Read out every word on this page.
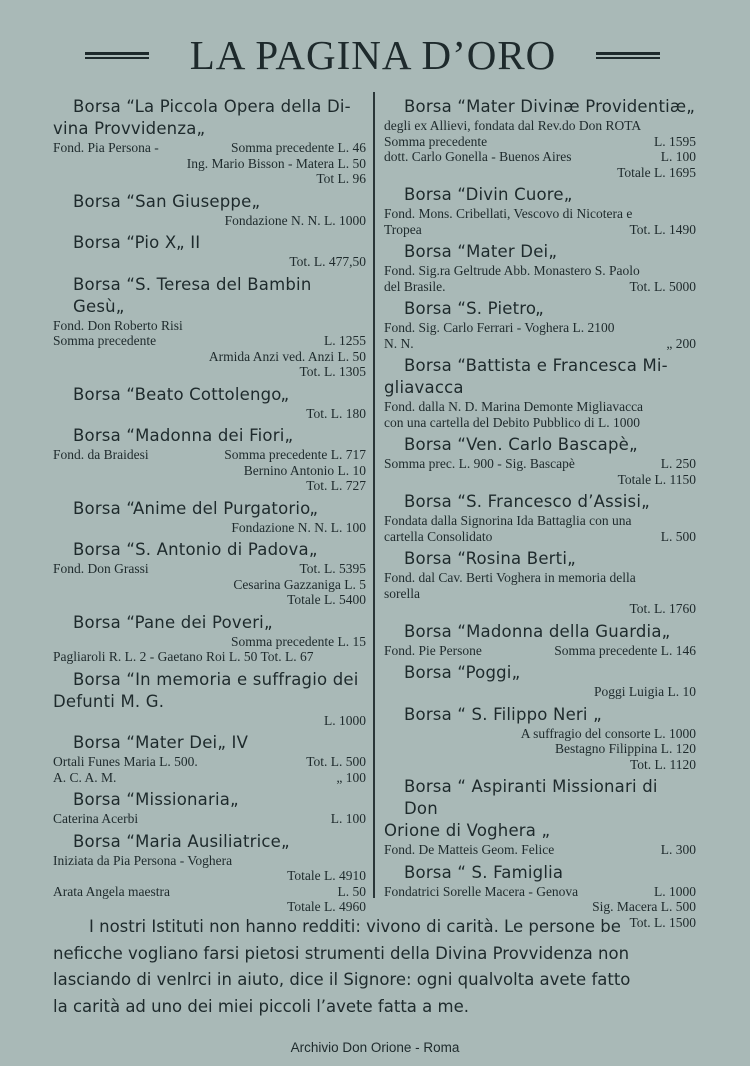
LA PAGINA D’ORO
Borsa “La Piccola Opera della Di-
vina Provvidenza„
Fond. Pia Persona -	Somma precedente L. 46
Ing. Mario Bisson - Matera L. 50
Tot L. 96
Borsa “San Giuseppe„
Fondazione N. N. L. 1000
Borsa “Pio X„ II
Tot. L. 477,50
Borsa “S. Teresa del Bambin Gesù„
Fond. Don Roberto Risi
Somma precedente	L. 1255
Armida Anzi ved. Anzi L. 50
Tot. L. 1305
Borsa “Beato Cottolengo„
Tot. L. 180
Borsa “Madonna dei Fiori„
Fond. da Braidesi	Somma precedente L. 717
Bernino Antonio L. 10
Tot. L. 727
Borsa “Anime del Purgatorio„
Fondazione N. N. L. 100
Borsa “S. Antonio di Padova„
Fond. Don Grassi	Tot. L. 5395
Cesarina Gazzaniga L. 5
Totale L. 5400
Borsa “Pane dei Poveri„
Somma precedente L. 15
Pagliaroli R. L. 2 - Gaetano Roi L. 50 Tot. L. 67
Borsa “In memoria e suffragio dei
Defunti M. G.
L. 1000
Borsa “Mater Dei„ IV
Ortali Funes Maria L. 500.	Tot. L. 500
A. C. A. M.	„ 100
Borsa “Missionaria„
Caterina Acerbi	L. 100
Borsa “Maria Ausiliatrice„
Iniziata da Pia Persona - Voghera
Totale L. 4910
Arata Angela maestra	L. 50
Totale L. 4960
Borsa “Mater Divinæ Providentiæ„
degli ex Allievi, fondata dal Rev.do Don ROTA
Somma precedente	L. 1595
dott. Carlo Gonella - Buenos Aires	L. 100
Totale L. 1695
Borsa “Divin Cuore„
Fond. Mons. Cribellati, Vescovo di Nicotera e
Tropea	Tot. L. 1490
Borsa “Mater Dei„
Fond. Sig.ra Geltrude Abb. Monastero S. Paolo
del Brasile.	Tot. L. 5000
Borsa “S. Pietro„
Fond. Sig. Carlo Ferrari - Voghera L. 2100
N. N.	„ 200
Borsa “Battista e Francesca Mi-
gliavacca
Fond. dalla N. D. Marina Demonte Migliavacca
con una cartella del Debito Pubblico di L. 1000
Borsa “Ven. Carlo Bascapè„
Somma prec. L. 900 - Sig. Bascapè	L. 250
Totale L. 1150
Borsa “S. Francesco d’Assisi„
Fondata dalla Signorina Ida Battaglia con una
cartella Consolidato	L. 500
Borsa “Rosina Berti„
Fond. dal Cav. Berti Voghera in memoria della
sorella
Tot. L. 1760
Borsa “Madonna della Guardia„
Fond. Pie Persone	Somma precedente L. 146
Borsa “Poggi„
Poggi Luigia L. 10
Borsa “ S. Filippo Neri „
A suffragio del consorte L. 1000
Bestagno Filippina L. 120
Tot. L. 1120
Borsa “ Aspiranti Missionari di Don
Orione di Voghera „
Fond. De Matteis Geom. Felice	L. 300
Borsa “ S. Famiglia
Fondatrici Sorelle Macera - Genova	L. 1000
Sig. Macera L. 500
Tot. L. 1500
I nostri Istituti non hanno redditi: vivono di carità. Le persone be
neficche vogliano farsi pietosi strumenti della Divina Provvidenza non
lasciando di venlrci in aiuto, dice il Signore: ogni qualvolta avete fatto
la carità ad uno dei miei piccoli l’avete fatta a me.
Archivio Don Orione - Roma
